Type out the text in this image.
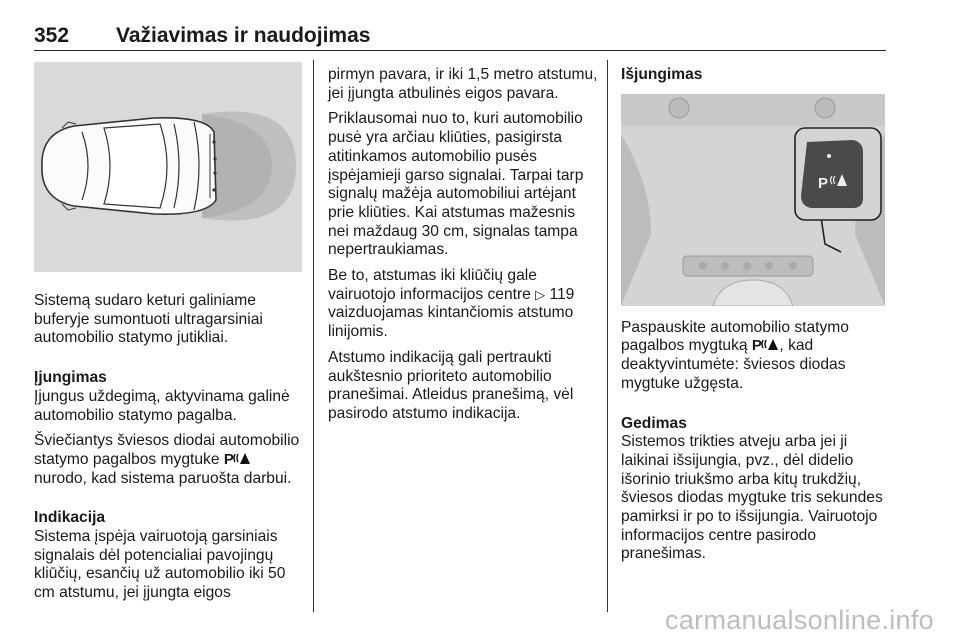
352 Važiavimas ir naudojimas

Sistemą sudaro keturi galiniame buferyje sumontuoti ultragarsiniai automobilio statymo jutikliai.

Įjungimas

Įjungus uždegimą, aktyvinama galinė automobilio statymo pagalba.

Šviečiantys šviesos diodai automobilio statymo pagalbos mygtuke P nurodo, kad sistema paruošta darbui.

Indikacija

Sistema įspėja vairuotoją garsiniais signalais dėl potencialiai pavojingų kliūčių, esančių už automobilio iki 50 cm atstumu, jei įjungta eigos

pirmyn pavara, ir iki 1,5 metro atstumu, jei įjungta atbulinės eigos pavara.

Priklausomai nuo to, kuri automobilio pusė yra arčiau kliūties, pasigirsta atitinkamos automobilio pusės įspėjamieji garso signalai. Tarpai tarp signalų mažėja automobiliui artėjant prie kliūties. Kai atstumas mažesnis nei maždaug 30 cm, signalas tampa nepertraukiamas.

Be to, atstumas iki kliūčių gale vairuotojo informacijos centre ▷ 119 vaizduojamas kintančiomis atstumo linijomis.

Atstumo indikaciją gali pertraukti aukštesnio prioriteto automobilio pranešimai. Atleidus pranešimą, vėl pasirodo atstumo indikacija.

Išjungimas
P

Paspauskite automobilio statymo pagalbos mygtuką P , kad deaktyvintumėte: šviesos diodas mygtuke užgęsta.

Gedimas

Sistemos trikties atveju arba jei ji laikinai išsijungia, pvz., dėl didelio išorinio triukšmo arba kitų trukdžių, šviesos diodas mygtuke tris sekundes pamirksi ir po to išsijungia. Vairuotojo informacijos centre pasirodo pranešimas.

carmanualsonline.info
